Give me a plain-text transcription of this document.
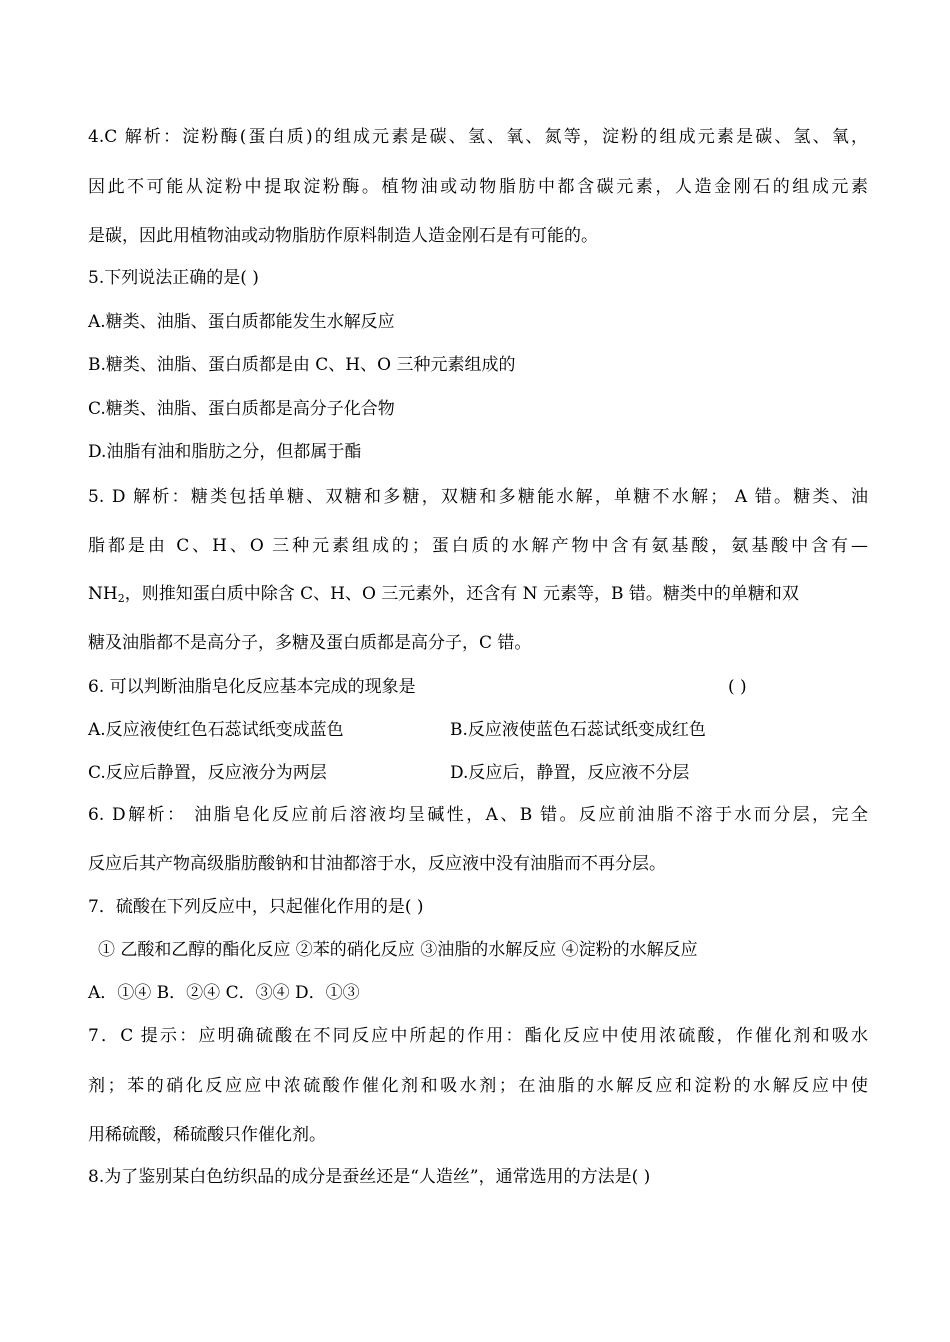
4.C 解析：淀粉酶(蛋白质)的组成元素是碳、氢、氧、氮等，淀粉的组成元素是碳、氢、氧，
因此不可能从淀粉中提取淀粉酶。植物油或动物脂肪中都含碳元素，人造金刚石的组成元素
是碳，因此用植物油或动物脂肪作原料制造人造金刚石是有可能的。
5.下列说法正确的是( )
A.糖类、油脂、蛋白质都能发生水解反应
B.糖类、油脂、蛋白质都是由 C、H、O 三种元素组成的
C.糖类、油脂、蛋白质都是高分子化合物
D.油脂有油和脂肪之分，但都属于酯
5. D 解析：糖类包括单糖、双糖和多糖，双糖和多糖能水解，单糖不水解； A 错。糖类、油
脂都是由 C、H、O 三种元素组成的；蛋白质的水解产物中含有氨基酸，氨基酸中含有—
$NH_2$，则推知蛋白质中除含 C、H、O 三元素外，还含有 N 元素等，B 错。糖类中的单糖和双
糖及油脂都不是高分子，多糖及蛋白质都是高分子，C 错。
6. 可以判断油脂皂化反应基本完成的现象是	( )
A.反应液使红色石蕊试纸变成蓝色	B.反应液使蓝色石蕊试纸变成红色
C.反应后静置，反应液分为两层	D.反应后，静置，反应液不分层
6. D解析： 油脂皂化反应前后溶液均呈碱性，A、B 错。反应前油脂不溶于水而分层，完全
反应后其产物高级脂肪酸钠和甘油都溶于水，反应液中没有油脂而不再分层。
7．硫酸在下列反应中，只起催化作用的是( )
① 乙酸和乙醇的酯化反应 ②苯的硝化反应 ③油脂的水解反应 ④淀粉的水解反应
A．①④ B．②④ C．③④ D．①③
7．C 提示：应明确硫酸在不同反应中所起的作用：酯化反应中使用浓硫酸，作催化剂和吸水
剂；苯的硝化反应应中浓硫酸作催化剂和吸水剂；在油脂的水解反应和淀粉的水解反应中使
用稀硫酸，稀硫酸只作催化剂。
8.为了鉴别某白色纺织品的成分是蚕丝还是“人造丝”，通常选用的方法是( )
